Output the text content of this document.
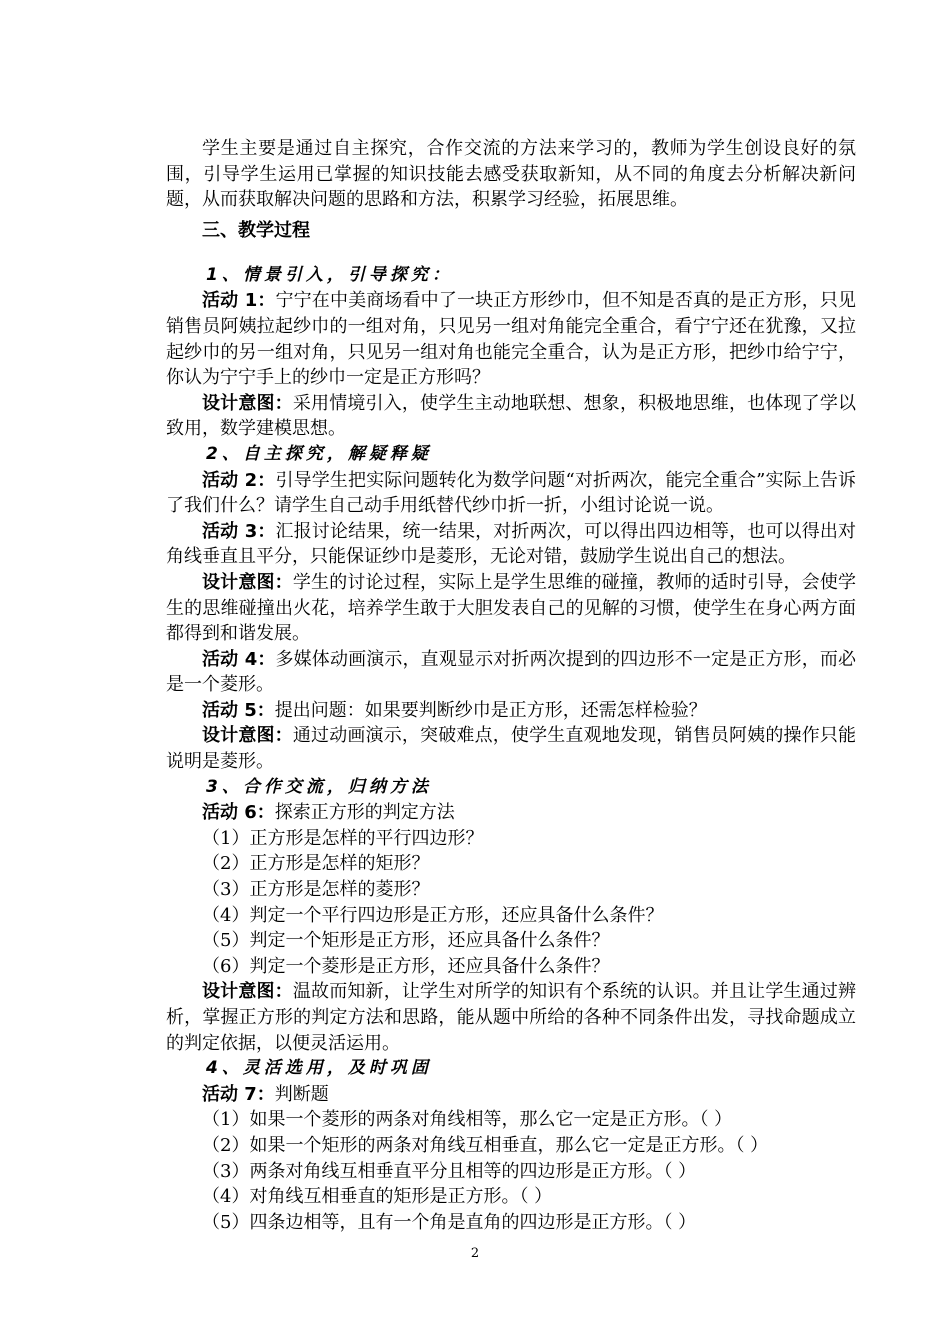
学生主要是通过自主探究，合作交流的方法来学习的，教师为学生创设良好的氛围，引导学生运用已掌握的知识技能去感受获取新知，从不同的角度去分析解决新问题，从而获取解决问题的思路和方法，积累学习经验，拓展思维。

三、教学过程
1、情景引入，引导探究：

活动 1：宁宁在中美商场看中了一块正方形纱巾，但不知是否真的是正方形，只见销售员阿姨拉起纱巾的一组对角，只见另一组对角能完全重合，看宁宁还在犹豫，又拉起纱巾的另一组对角，只见另一组对角也能完全重合，认为是正方形，把纱巾给宁宁，你认为宁宁手上的纱巾一定是正方形吗？

设计意图：采用情境引入，使学生主动地联想、想象，积极地思维，也体现了学以致用，数学建模思想。

2、自主探究，解疑释疑

活动 2：引导学生把实际问题转化为数学问题“对折两次，能完全重合”实际上告诉了我们什么？请学生自己动手用纸替代纱巾折一折，小组讨论说一说。

活动 3：汇报讨论结果，统一结果，对折两次，可以得出四边相等，也可以得出对角线垂直且平分，只能保证纱巾是菱形，无论对错，鼓励学生说出自己的想法。

设计意图：学生的讨论过程，实际上是学生思维的碰撞，教师的适时引导，会使学生的思维碰撞出火花，培养学生敢于大胆发表自己的见解的习惯，使学生在身心两方面都得到和谐发展。

活动 4：多媒体动画演示，直观显示对折两次提到的四边形不一定是正方形，而必是一个菱形。

活动 5：提出问题：如果要判断纱巾是正方形，还需怎样检验？

设计意图：通过动画演示，突破难点，使学生直观地发现，销售员阿姨的操作只能说明是菱形。

3、合作交流，归纳方法

活动 6：探索正方形的判定方法

（1）正方形是怎样的平行四边形？

（2）正方形是怎样的矩形？

（3）正方形是怎样的菱形？

（4）判定一个平行四边形是正方形，还应具备什么条件？

（5）判定一个矩形是正方形，还应具备什么条件？

（6）判定一个菱形是正方形，还应具备什么条件？

设计意图：温故而知新，让学生对所学的知识有个系统的认识。并且让学生通过辨析，掌握正方形的判定方法和思路，能从题中所给的各种不同条件出发，寻找命题成立的判定依据，以便灵活运用。

4、灵活选用，及时巩固

活动 7：判断题

（1）如果一个菱形的两条对角线相等，那么它一定是正方形。（ ）

（2）如果一个矩形的两条对角线互相垂直，那么它一定是正方形。（ ）

（3）两条对角线互相垂直平分且相等的四边形是正方形。（ ）

（4）对角线互相垂直的矩形是正方形。（ ）

（5）四条边相等，且有一个角是直角的四边形是正方形。（ ）

2
